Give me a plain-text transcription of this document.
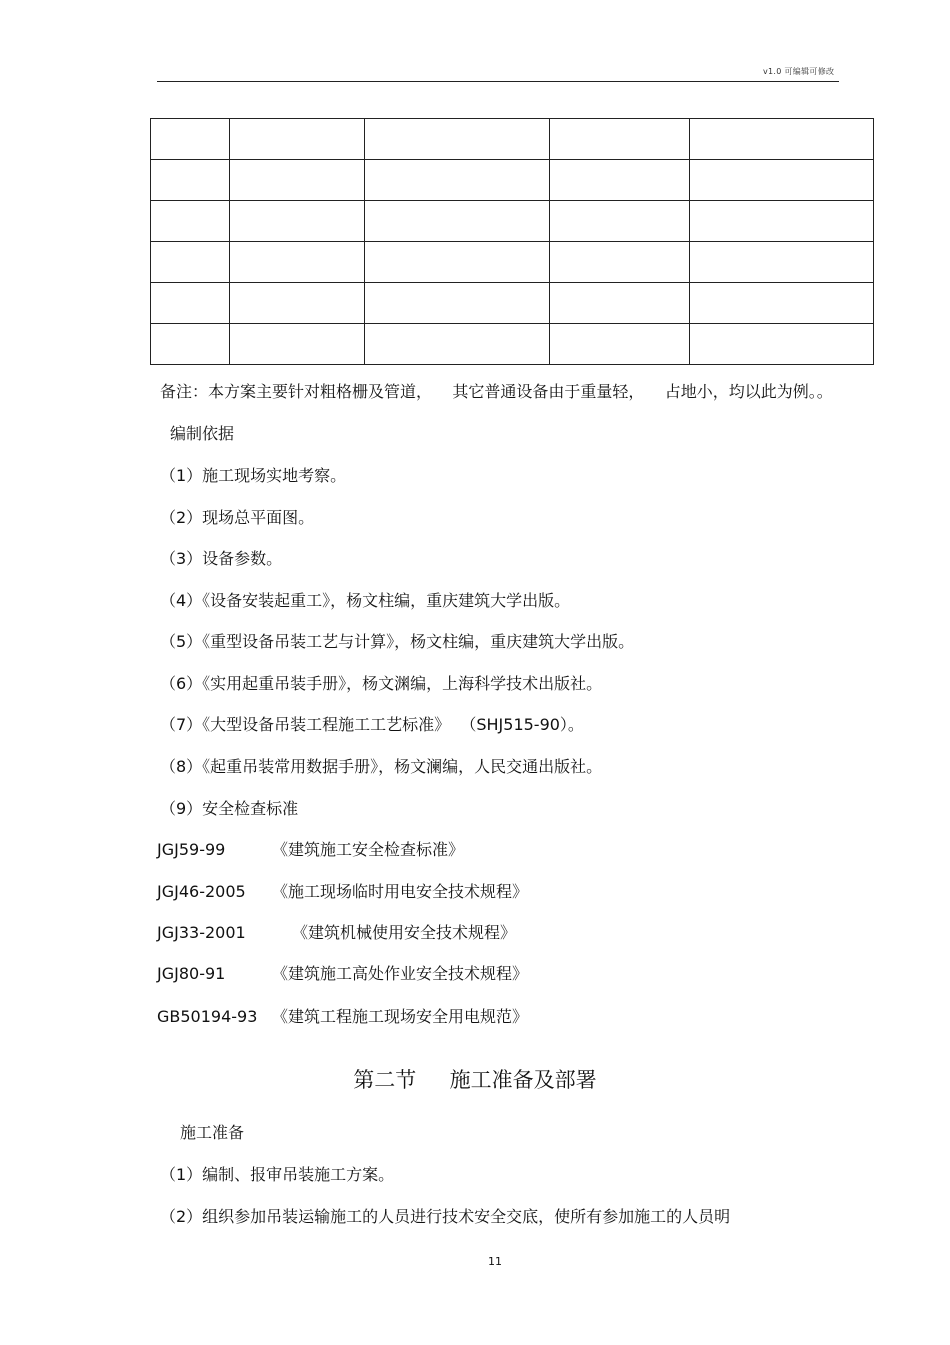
v1.0 可编辑可修改

备注：本方案主要针对粗格栅及管道，    其它普通设备由于重量轻，    占地小，均以此为例。。
编制依据
（1）施工现场实地考察。
（2）现场总平面图。
（3）设备参数。
（4）《设备安装起重工》，杨文柱编，重庆建筑大学出版。
（5）《重型设备吊装工艺与计算》，杨文柱编，重庆建筑大学出版。
（6）《实用起重吊装手册》，杨文渊编，上海科学技术出版社。
（7）《大型设备吊装工程施工工艺标准》  （SHJ515-90）。
（8）《起重吊装常用数据手册》，杨文澜编，人民交通出版社。
（9）安全检查标准
JGJ59-99	《建筑施工安全检查标准》
JGJ46-2005 《施工现场临时用电安全技术规程》
JGJ33-2001	《建筑机械使用安全技术规程》
JGJ80-91	《建筑施工高处作业安全技术规程》
GB50194-93 《建筑工程施工现场安全用电规范》
第二节     施工准备及部署
施工准备
（1）编制、报审吊装施工方案。
（2）组织参加吊装运输施工的人员进行技术安全交底，使所有参加施工的人员明
11
